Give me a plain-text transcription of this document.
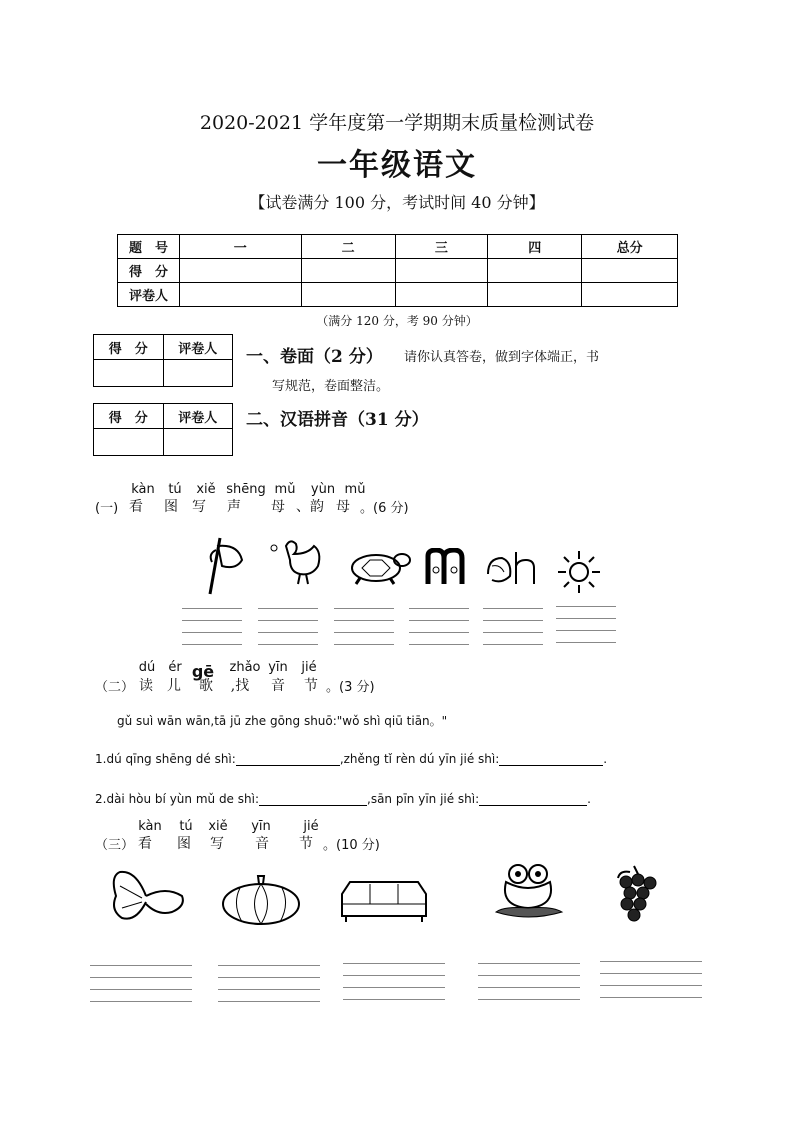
2020-2021 学年度第一学期期末质量检测试卷
一年级语文
【试卷满分 100 分，考试时间 40 分钟】
题　号	一	二	三	四	总分
得　分					
评卷人					
（满分 120 分，考 90 分钟）
得　分	评卷人

得　分	评卷人

一、卷面（2 分） 请你认真答卷，做到字体端正，书
写规范，卷面整洁。
二、汉语拼音（31 分）
(一)
kàn	tú	xiě shēng mǔ	yùn mǔ
看	图	写	声	母 、韵 母 。(6 分)
（二）
dú	ér gē	zhǎo yīn	jié
读	儿	歌	,找	音	节 。(3 分)
gǔ suì wān wān,tā jū zhe gōng shuō:"wǒ shì qiū tiān。"
1.dú qīng shēng dé shì:	,zhěng tǐ rèn dú yīn jié shì:	.
2.dài hòu bí yùn mǔ de shì:	,sān pīn yīn jié shì:	.
（三）
kàn	tú	xiě	yīn	jié
看	图	写	音	节 。(10 分)
